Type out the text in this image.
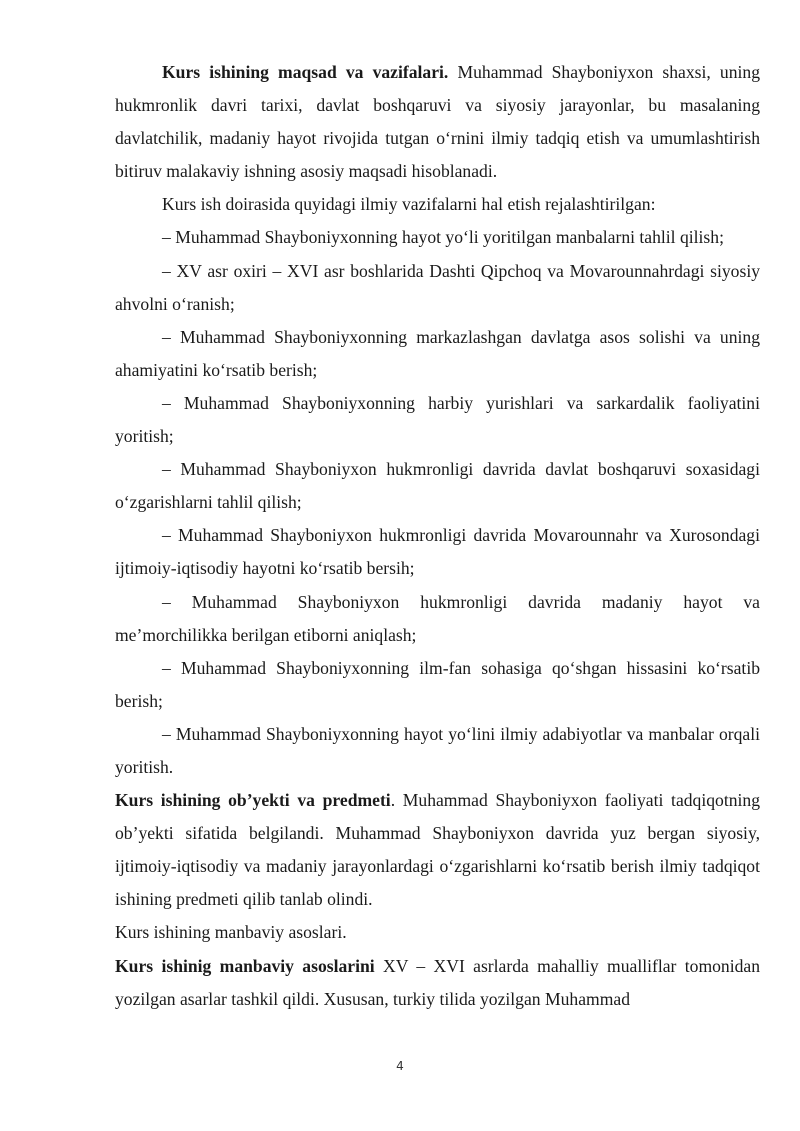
Kurs ishining maqsad va vazifalari. Muhammad Shayboniyxon shaxsi, uning hukmronlik davri tarixi, davlat boshqaruvi va siyosiy jarayonlar, bu masalaning davlatchilik, madaniy hayot rivojida tutgan o‘rnini ilmiy tadqiq etish va umumlashtirish bitiruv malakaviy ishning asosiy maqsadi hisoblanadi.

Kurs ish doirasida quyidagi ilmiy vazifalarni hal etish rejalashtirilgan:

– Muhammad Shayboniyxonning hayot yo‘li yoritilgan manbalarni tahlil qilish;

– XV asr oxiri – XVI asr boshlarida Dashti Qipchoq va Movarounnahrdagi siyosiy ahvolni o‘ranish;

– Muhammad Shayboniyxonning markazlashgan davlatga asos solishi va uning ahamiyatini ko‘rsatib berish;

– Muhammad Shayboniyxonning harbiy yurishlari va sarkardalik faoliyatini yoritish;

– Muhammad Shayboniyxon hukmronligi davrida davlat boshqaruvi soxasidagi o‘zgarishlarni tahlil qilish;

– Muhammad Shayboniyxon hukmronligi davrida Movarounnahr va Xurosondagi ijtimoiy-iqtisodiy hayotni ko‘rsatib bersih;

– Muhammad Shayboniyxon hukmronligi davrida madaniy hayot va me’morchilikka berilgan etiborni aniqlash;

– Muhammad Shayboniyxonning ilm-fan sohasiga qo‘shgan hissasini ko‘rsatib berish;

– Muhammad Shayboniyxonning hayot yo‘lini ilmiy adabiyotlar va manbalar orqali yoritish.

Kurs ishining ob’yekti va predmeti. Muhammad Shayboniyxon faoliyati tadqiqotning ob’yekti sifatida belgilandi. Muhammad Shayboniyxon davrida yuz bergan siyosiy, ijtimoiy-iqtisodiy va madaniy jarayonlardagi o‘zgarishlarni ko‘rsatib berish ilmiy tadqiqot ishining predmeti qilib tanlab olindi.

Kurs ishining manbaviy asoslari.

Kurs ishinig manbaviy asoslarini XV – XVI asrlarda mahalliy mualliflar tomonidan yozilgan asarlar tashkil qildi. Xususan, turkiy tilida yozilgan Muhammad

4
